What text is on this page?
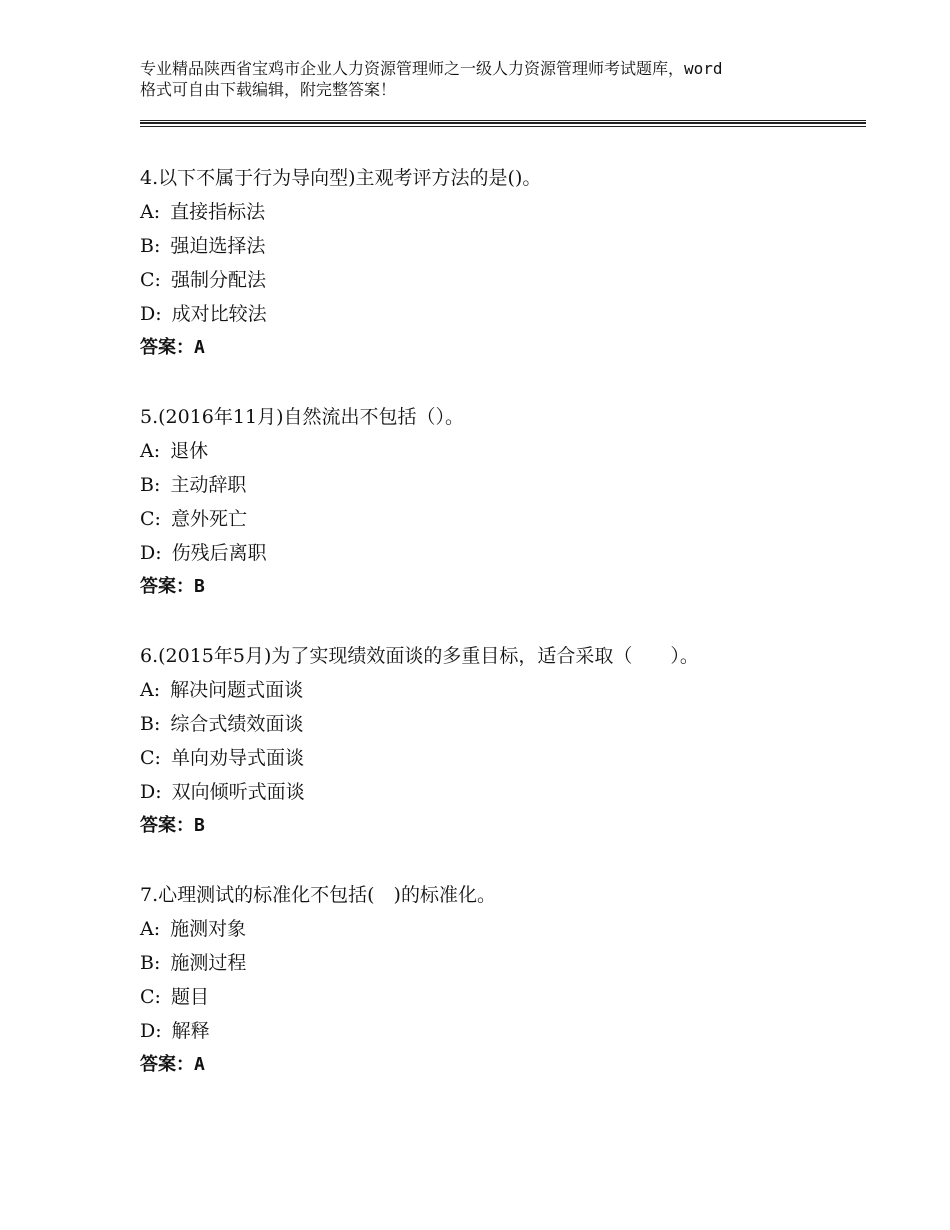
专业精品陕西省宝鸡市企业人力资源管理师之一级人力资源管理师考试题库，word
格式可自由下载编辑，附完整答案！
4.以下不属于行为导向型)主观考评方法的是()。
A: 直接指标法
B: 强迫选择法
C: 强制分配法
D: 成对比较法
答案：A
5.(2016年11月)自然流出不包括（）。
A: 退休
B: 主动辞职
C: 意外死亡
D: 伤残后离职
答案：B
6.(2015年5月)为了实现绩效面谈的多重目标，适合采取（　　）。
A: 解决问题式面谈
B: 综合式绩效面谈
C: 单向劝导式面谈
D: 双向倾听式面谈
答案：B
7.心理测试的标准化不包括(　)的标准化。
A: 施测对象
B: 施测过程
C: 题目
D: 解释
答案：A
